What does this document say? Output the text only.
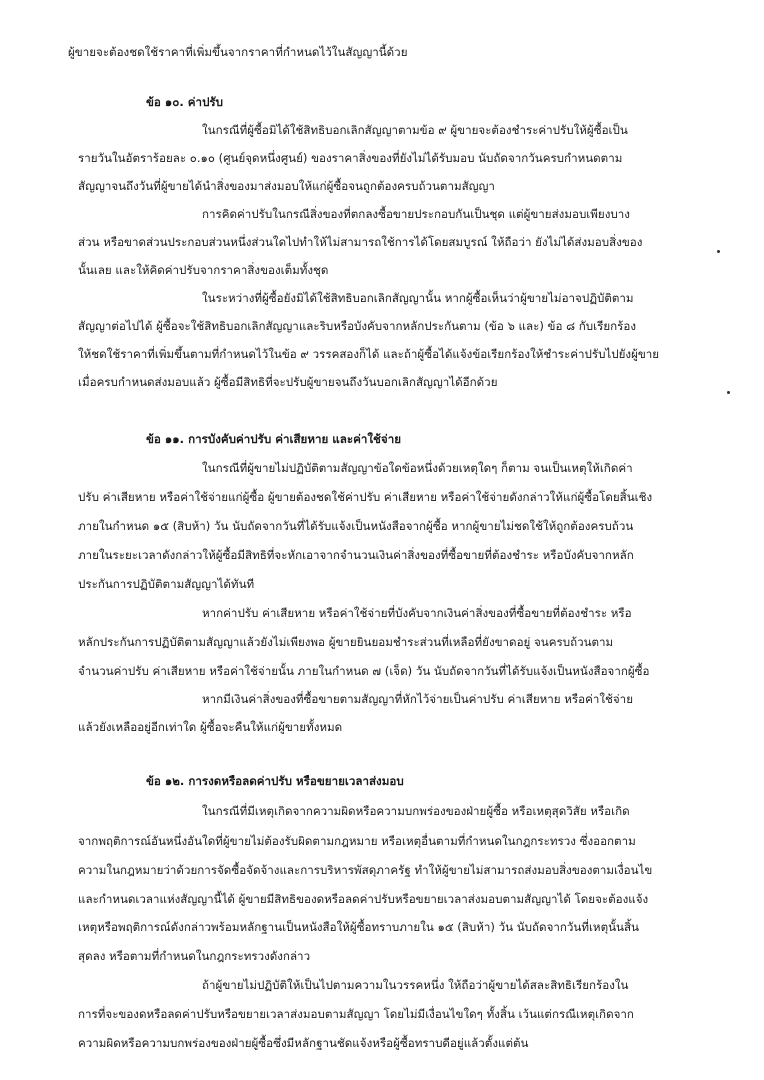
ผู้ขายจะต้องชดใช้ราคาที่เพิ่มขึ้นจากราคาที่กำหนดไว้ในสัญญานี้ด้วย
ข้อ ๑๐. ค่าปรับ
ในกรณีที่ผู้ซื้อมิได้ใช้สิทธิบอกเลิกสัญญาตามข้อ ๙ ผู้ขายจะต้องชำระค่าปรับให้ผู้ซื้อเป็น
รายวันในอัตราร้อยละ ๐.๑๐ (ศูนย์จุดหนึ่งศูนย์) ของราคาสิ่งของที่ยังไม่ได้รับมอบ นับถัดจากวันครบกำหนดตาม
สัญญาจนถึงวันที่ผู้ขายได้นำสิ่งของมาส่งมอบให้แก่ผู้ซื้อจนถูกต้องครบถ้วนตามสัญญา
การคิดค่าปรับในกรณีสิ่งของที่ตกลงซื้อขายประกอบกันเป็นชุด แต่ผู้ขายส่งมอบเพียงบาง
ส่วน หรือขาดส่วนประกอบส่วนหนึ่งส่วนใดไปทำให้ไม่สามารถใช้การได้โดยสมบูรณ์ ให้ถือว่า ยังไม่ได้ส่งมอบสิ่งของ
นั้นเลย และให้คิดค่าปรับจากราคาสิ่งของเต็มทั้งชุด
ในระหว่างที่ผู้ซื้อยังมิได้ใช้สิทธิบอกเลิกสัญญานั้น หากผู้ซื้อเห็นว่าผู้ขายไม่อาจปฏิบัติตาม
สัญญาต่อไปได้ ผู้ซื้อจะใช้สิทธิบอกเลิกสัญญาและริบหรือบังคับจากหลักประกันตาม (ข้อ ๖ และ) ข้อ ๘ กับเรียกร้อง
ให้ชดใช้ราคาที่เพิ่มขึ้นตามที่กำหนดไว้ในข้อ ๙ วรรคสองก็ได้ และถ้าผู้ซื้อได้แจ้งข้อเรียกร้องให้ชำระค่าปรับไปยังผู้ขาย
เมื่อครบกำหนดส่งมอบแล้ว ผู้ซื้อมีสิทธิที่จะปรับผู้ขายจนถึงวันบอกเลิกสัญญาได้อีกด้วย
ข้อ ๑๑. การบังคับค่าปรับ ค่าเสียหาย และค่าใช้จ่าย
ในกรณีที่ผู้ขายไม่ปฏิบัติตามสัญญาข้อใดข้อหนึ่งด้วยเหตุใดๆ ก็ตาม จนเป็นเหตุให้เกิดค่า
ปรับ ค่าเสียหาย หรือค่าใช้จ่ายแก่ผู้ซื้อ ผู้ขายต้องชดใช้ค่าปรับ ค่าเสียหาย หรือค่าใช้จ่ายดังกล่าวให้แก่ผู้ซื้อโดยสิ้นเชิง
ภายในกำหนด ๑๕ (สิบห้า) วัน นับถัดจากวันที่ได้รับแจ้งเป็นหนังสือจากผู้ซื้อ หากผู้ขายไม่ชดใช้ให้ถูกต้องครบถ้วน
ภายในระยะเวลาดังกล่าวให้ผู้ซื้อมีสิทธิที่จะหักเอาจากจำนวนเงินค่าสิ่งของที่ซื้อขายที่ต้องชำระ หรือบังคับจากหลัก
ประกันการปฏิบัติตามสัญญาได้ทันที
หากค่าปรับ ค่าเสียหาย หรือค่าใช้จ่ายที่บังคับจากเงินค่าสิ่งของที่ซื้อขายที่ต้องชำระ หรือ
หลักประกันการปฏิบัติตามสัญญาแล้วยังไม่เพียงพอ ผู้ขายยินยอมชำระส่วนที่เหลือที่ยังขาดอยู่ จนครบถ้วนตาม
จำนวนค่าปรับ ค่าเสียหาย หรือค่าใช้จ่ายนั้น ภายในกำหนด ๗ (เจ็ด) วัน นับถัดจากวันที่ได้รับแจ้งเป็นหนังสือจากผู้ซื้อ
หากมีเงินค่าสิ่งของที่ซื้อขายตามสัญญาที่หักไว้จ่ายเป็นค่าปรับ ค่าเสียหาย หรือค่าใช้จ่าย
แล้วยังเหลืออยู่อีกเท่าใด ผู้ซื้อจะคืนให้แก่ผู้ขายทั้งหมด
ข้อ ๑๒. การงดหรือลดค่าปรับ หรือขยายเวลาส่งมอบ
ในกรณีที่มีเหตุเกิดจากความผิดหรือความบกพร่องของฝ่ายผู้ซื้อ หรือเหตุสุดวิสัย หรือเกิด
จากพฤติการณ์อันหนึ่งอันใดที่ผู้ขายไม่ต้องรับผิดตามกฎหมาย หรือเหตุอื่นตามที่กำหนดในกฎกระทรวง ซึ่งออกตาม
ความในกฎหมายว่าด้วยการจัดซื้อจัดจ้างและการบริหารพัสดุภาครัฐ ทำให้ผู้ขายไม่สามารถส่งมอบสิ่งของตามเงื่อนไข
และกำหนดเวลาแห่งสัญญานี้ได้ ผู้ขายมีสิทธิของดหรือลดค่าปรับหรือขยายเวลาส่งมอบตามสัญญาได้ โดยจะต้องแจ้ง
เหตุหรือพฤติการณ์ดังกล่าวพร้อมหลักฐานเป็นหนังสือให้ผู้ซื้อทราบภายใน ๑๕ (สิบห้า) วัน นับถัดจากวันที่เหตุนั้นสิ้น
สุดลง หรือตามที่กำหนดในกฎกระทรวงดังกล่าว
ถ้าผู้ขายไม่ปฏิบัติให้เป็นไปตามความในวรรคหนึ่ง ให้ถือว่าผู้ขายได้สละสิทธิเรียกร้องใน
การที่จะของดหรือลดค่าปรับหรือขยายเวลาส่งมอบตามสัญญา โดยไม่มีเงื่อนไขใดๆ ทั้งสิ้น เว้นแต่กรณีเหตุเกิดจาก
ความผิดหรือความบกพร่องของฝ่ายผู้ซื้อซึ่งมีหลักฐานชัดแจ้งหรือผู้ซื้อทราบดีอยู่แล้วตั้งแต่ต้น
